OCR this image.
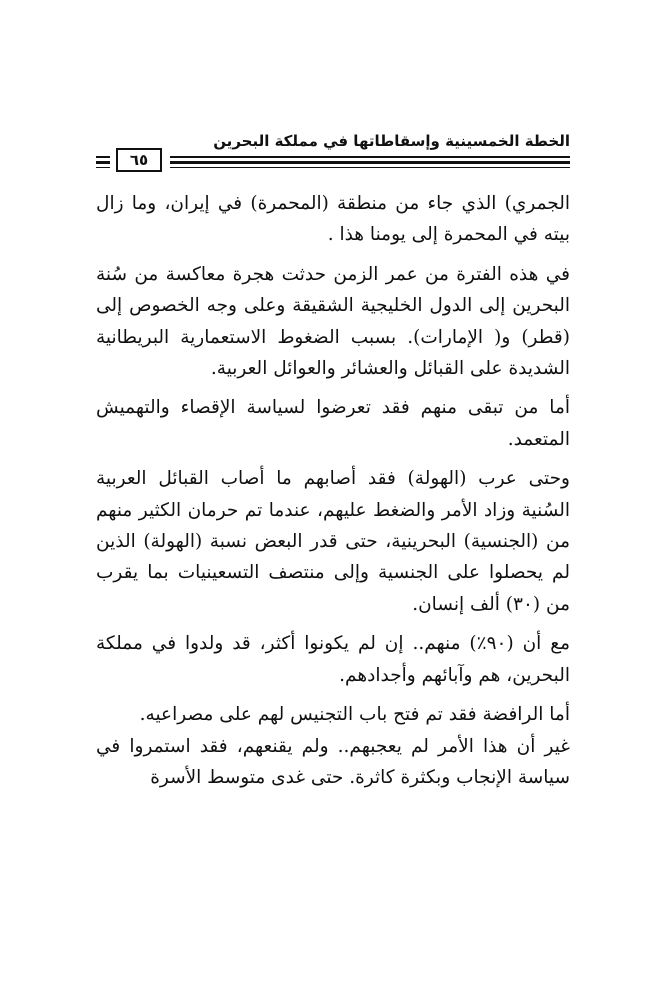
الخطة الخمسينية وإسقاطاتها في مملكة البحرين
٦٥

الجمري) الذي جاء من منطقة (المحمرة) في إيران، وما زال بيته في المحمرة إلى يومنا هذا .

في هذه الفترة من عمر الزمن حدثت هجرة معاكسة من سُنة البحرين إلى الدول الخليجية الشقيقة وعلى وجه الخصوص إلى (قطر) و( الإمارات). بسبب الضغوط الاستعمارية البريطانية الشديدة على القبائل والعشائر والعوائل العربية.

أما من تبقى منهم فقد تعرضوا لسياسة الإقصاء والتهميش المتعمد.

وحتى عرب (الهولة) فقد أصابهم ما أصاب القبائل العربية السُنية وزاد الأمر والضغط عليهم، عندما تم حرمان الكثير منهم من (الجنسية) البحرينية، حتى قدر البعض نسبة (الهولة) الذين لم يحصلوا على الجنسية وإلى منتصف التسعينيات بما يقرب من (٣٠) ألف إنسان.

مع أن (٩٠٪) منهم.. إن لم يكونوا أكثر، قد ولدوا في مملكة البحرين، هم وآبائهم وأجدادهم.

أما الرافضة فقد تم فتح باب التجنيس لهم على مصراعيه.

غير أن هذا الأمر لم يعجبهم.. ولم يقنعهم، فقد استمروا في سياسة الإنجاب وبكثرة كاثرة. حتى غدى متوسط الأسرة
